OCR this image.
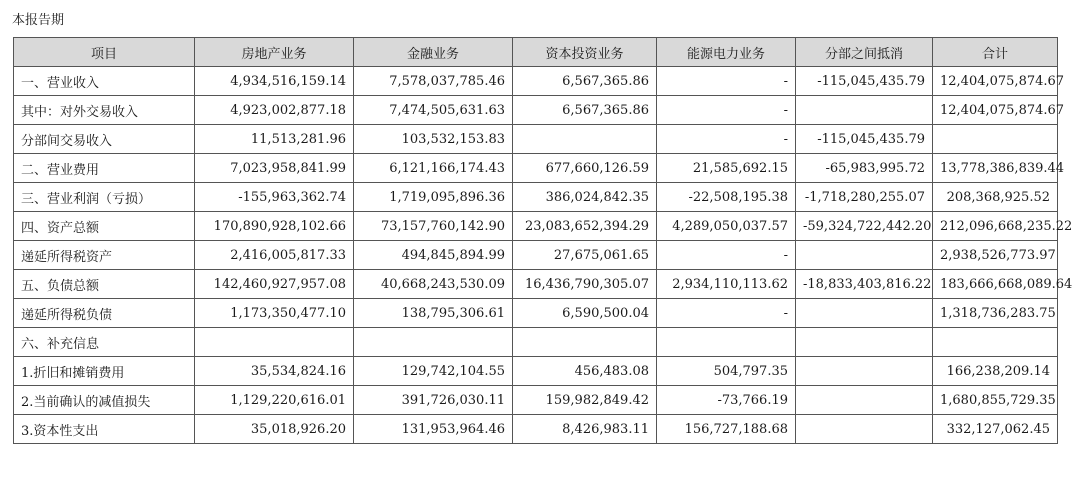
本报告期
项目	房地产业务	金融业务	资本投资业务	能源电力业务	分部之间抵消	合计
一、营业收入	4,934,516,159.14	7,578,037,785.46	6,567,365.86	-	-115,045,435.79	12,404,075,874.67
其中：对外交易收入	4,923,002,877.18	7,474,505,631.63	6,567,365.86	-		12,404,075,874.67
分部间交易收入	11,513,281.96	103,532,153.83		-	-115,045,435.79	
二、营业费用	7,023,958,841.99	6,121,166,174.43	677,660,126.59	21,585,692.15	-65,983,995.72	13,778,386,839.44
三、营业利润（亏损）	-155,963,362.74	1,719,095,896.36	386,024,842.35	-22,508,195.38	-1,718,280,255.07	208,368,925.52
四、资产总额	170,890,928,102.66	73,157,760,142.90	23,083,652,394.29	4,289,050,037.57	-59,324,722,442.20	212,096,668,235.22
递延所得税资产	2,416,005,817.33	494,845,894.99	27,675,061.65	-		2,938,526,773.97
五、负债总额	142,460,927,957.08	40,668,243,530.09	16,436,790,305.07	2,934,110,113.62	-18,833,403,816.22	183,666,668,089.64
递延所得税负债	1,173,350,477.10	138,795,306.61	6,590,500.04	-		1,318,736,283.75
六、补充信息						
1.折旧和摊销费用	35,534,824.16	129,742,104.55	456,483.08	504,797.35		166,238,209.14
2.当前确认的减值损失	1,129,220,616.01	391,726,030.11	159,982,849.42	-73,766.19		1,680,855,729.35
3.资本性支出	35,018,926.20	131,953,964.46	8,426,983.11	156,727,188.68		332,127,062.45
